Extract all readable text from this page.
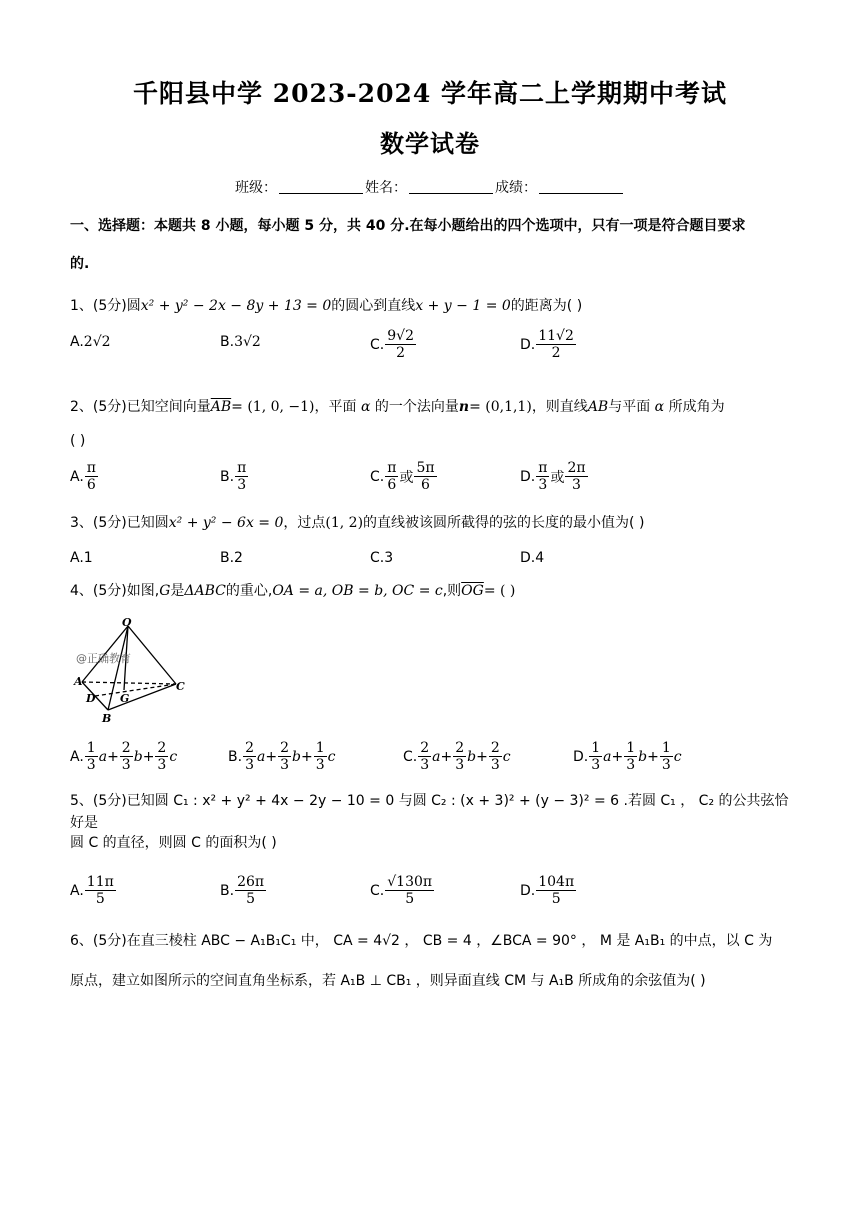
千阳县中学 2023-2024 学年高二上学期期中考试
数学试卷
班级：	姓名：	成绩：
一、选择题：本题共 8 小题，每小题 5 分，共 40 分.在每小题给出的四个选项中，只有一项是符合题目要求
的.
1、(5分)圆x² + y² − 2x − 8y + 13 = 0的圆心到直线x + y − 1 = 0的距离为( )
A. 2√2	B. 3√2	C. $\frac{9√2}{2}$	D. $\frac{11√2}{2}$
2、(5分)已知空间向量$\overline{AB}= (1$, 0, −1)，平面 α 的一个法向量n= (0,1,1)，则直线AB与平面 α 所成角为
( )
A. $\frac{\pi}{6}$	B. $\frac{\pi}{3}$	C. $\frac{\pi}{6}$ 或 $\frac{5\pi}{6}$	D. $\frac{\pi}{3}$ 或 $\frac{2\pi}{3}$
3、(5分)已知圆x² + y² − 6x = 0，过点(1, 2)的直线被该圆所截得的弦的长度的最小值为( )
A.1	B.2	C.3	D.4
4、(5分)如图,G是ΔABC的重心,OA = a, OB = b, OC = c,则$\overline{OG}=$ ( )
@正确教育
O
A	C
D G
B
A. $\frac{1}{3}$ $a + \frac{2}{3}$ $b + \frac{2}{3}$ c	B. $\frac{2}{3}$ $a + \frac{2}{3}$ $b + \frac{1}{3}$ c	C. $\frac{2}{3}$ $a + \frac{2}{3}$ $b + \frac{2}{3}$ c	D. $\frac{1}{3}$ $a + \frac{1}{3}$ $b + \frac{1}{3}$ c
5、(5分)已知圆 C₁ : x² + y² + 4x − 2y − 10 = 0 与圆 C₂ : (x + 3)² + (y − 3)² = 6 .若圆 C₁ ， C₂ 的公共弦恰好是
圆 C 的直径，则圆 C 的面积为( )
A. $\frac{11\pi}{5}$	B. $\frac{26\pi}{5}$	C. $\frac{√130\pi}{5}$	D. $\frac{104\pi}{5}$
6、(5分)在直三棱柱 ABC − A₁B₁C₁ 中， CA = 4√2 ， CB = 4 ，∠BCA = 90° ， M 是 A₁B₁ 的中点，以 C 为
原点，建立如图所示的空间直角坐标系，若 A₁B ⊥ CB₁ ，则异面直线 CM 与 A₁B 所成角的余弦值为( )
